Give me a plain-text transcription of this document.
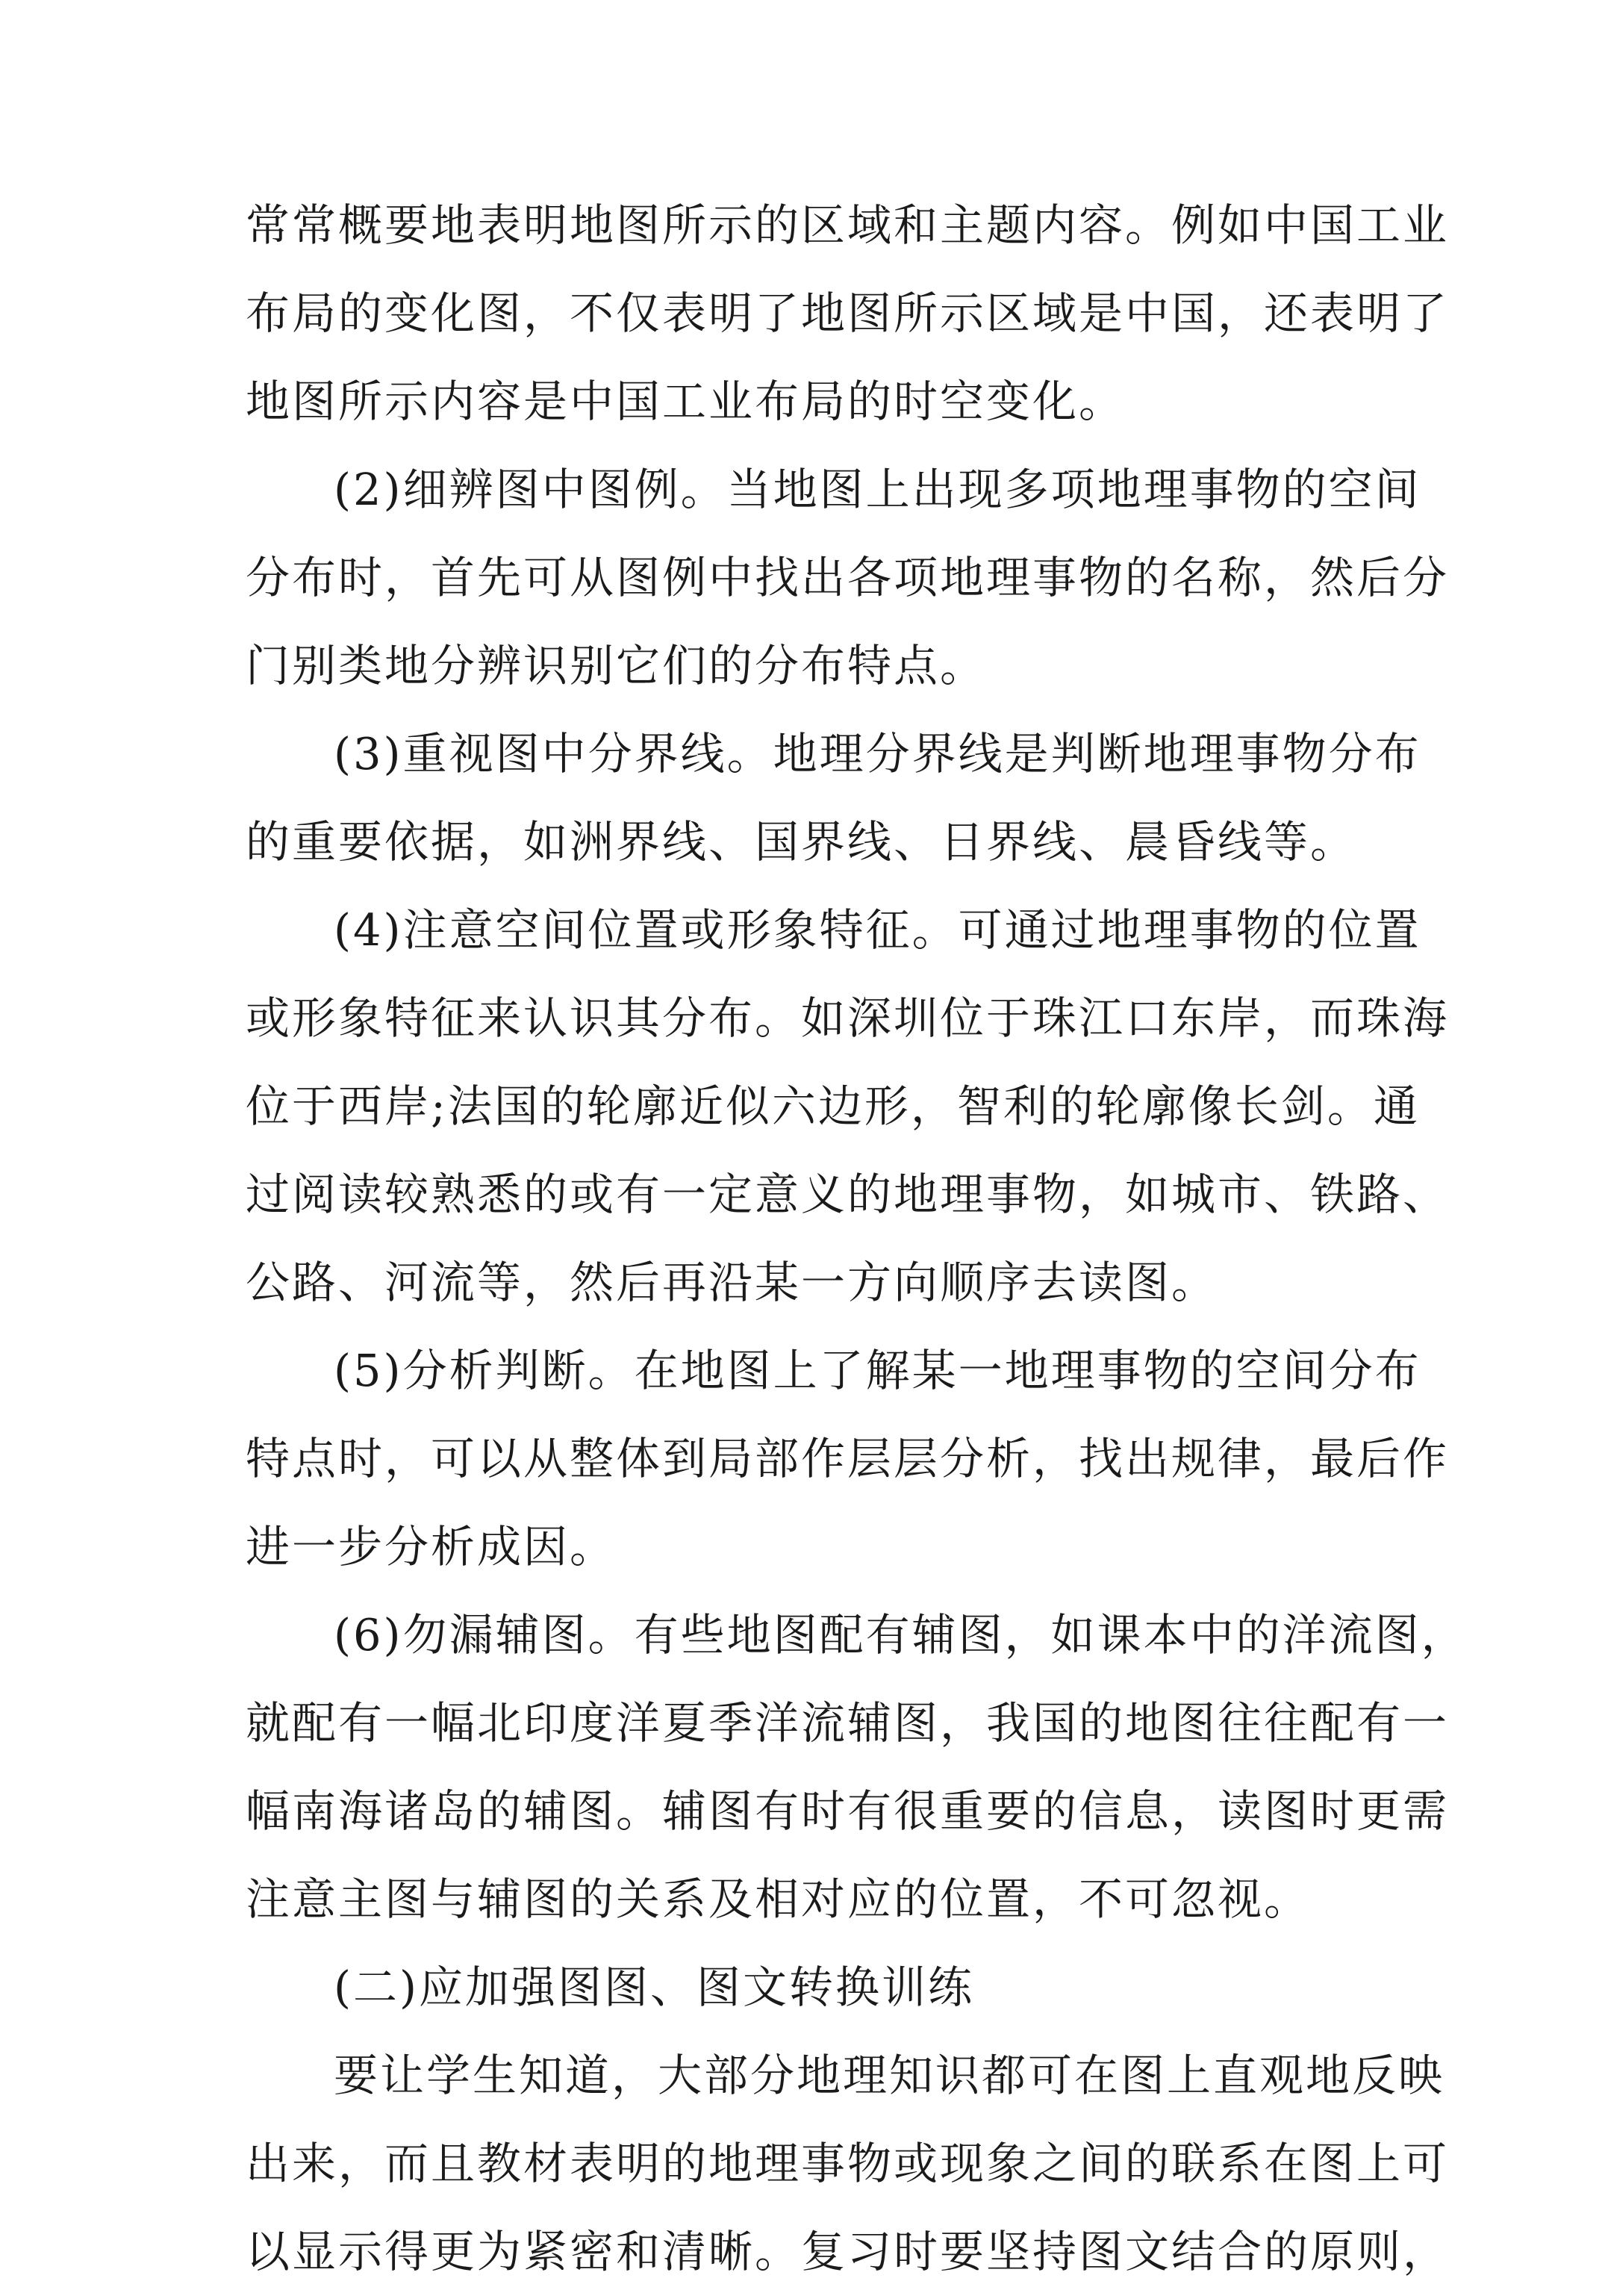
常常概要地表明地图所示的区域和主题内容。例如中国工业
布局的变化图，不仅表明了地图所示区域是中国，还表明了
地图所示内容是中国工业布局的时空变化。
(2)细辨图中图例。当地图上出现多项地理事物的空间
分布时，首先可从图例中找出各项地理事物的名称，然后分
门别类地分辨识别它们的分布特点。
(3)重视图中分界线。地理分界线是判断地理事物分布
的重要依据，如洲界线、国界线、日界线、晨昏线等。
(4)注意空间位置或形象特征。可通过地理事物的位置
或形象特征来认识其分布。如深圳位于珠江口东岸，而珠海
位于西岸;法国的轮廓近似六边形，智利的轮廓像长剑。通
过阅读较熟悉的或有一定意义的地理事物，如城市、铁路、
公路、河流等，然后再沿某一方向顺序去读图。
(5)分析判断。在地图上了解某一地理事物的空间分布
特点时，可以从整体到局部作层层分析，找出规律，最后作
进一步分析成因。
(6)勿漏辅图。有些地图配有辅图，如课本中的洋流图，
就配有一幅北印度洋夏季洋流辅图，我国的地图往往配有一
幅南海诸岛的辅图。辅图有时有很重要的信息，读图时更需
注意主图与辅图的关系及相对应的位置，不可忽视。
(二)应加强图图、图文转换训练
要让学生知道，大部分地理知识都可在图上直观地反映
出来，而且教材表明的地理事物或现象之间的联系在图上可
以显示得更为紧密和清晰。复习时要坚持图文结合的原则，
